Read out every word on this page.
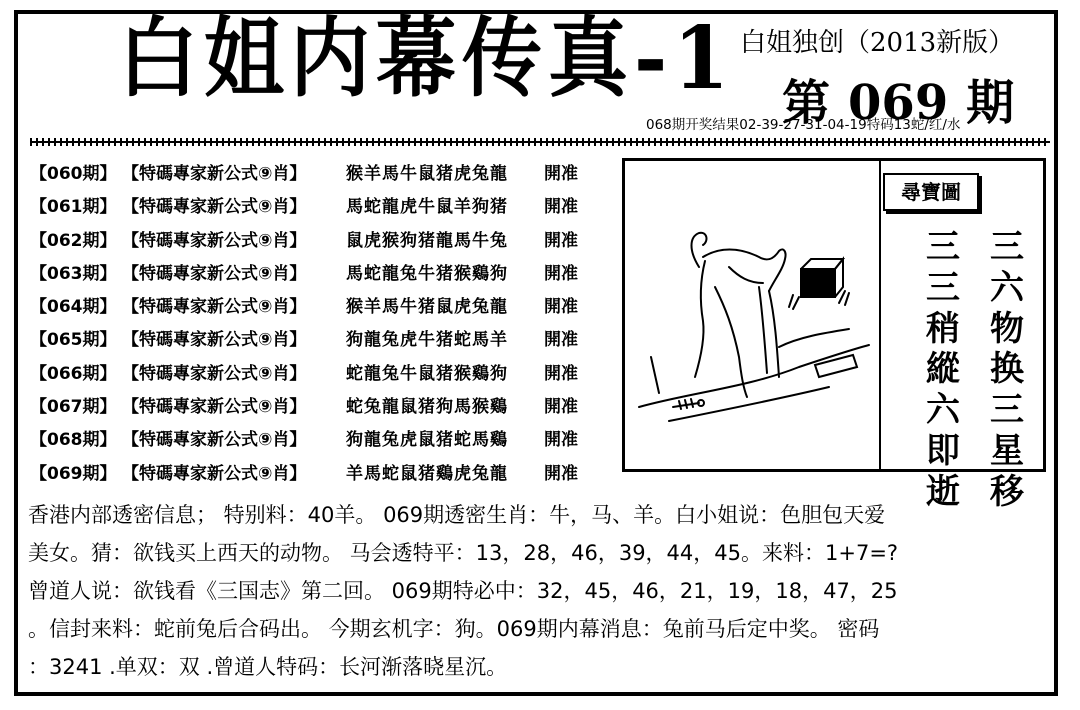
白姐内幕传真-1 白姐独创（2013新版）
第 069 期
068期开奖结果02-39-27-31-04-19特码13蛇/红/水
【060期】 【特碼專家新公式⑨肖】 猴羊馬牛鼠猪虎兔龍 開准
【061期】 【特碼專家新公式⑨肖】 馬蛇龍虎牛鼠羊狗猪 開准
【062期】 【特碼專家新公式⑨肖】 鼠虎猴狗猪龍馬牛兔 開准
【063期】 【特碼專家新公式⑨肖】 馬蛇龍兔牛猪猴鷄狗 開准
【064期】 【特碼專家新公式⑨肖】 猴羊馬牛猪鼠虎兔龍 開准
【065期】 【特碼專家新公式⑨肖】 狗龍兔虎牛猪蛇馬羊 開准
【066期】 【特碼專家新公式⑨肖】 蛇龍兔牛鼠猪猴鷄狗 開准
【067期】 【特碼專家新公式⑨肖】 蛇兔龍鼠猪狗馬猴鷄 開准
【068期】 【特碼專家新公式⑨肖】 狗龍兔虎鼠猪蛇馬鷄 開准
【069期】 【特碼專家新公式⑨肖】 羊馬蛇鼠猪鷄虎兔龍 開准
尋寶圖
三六物换三星移
三三稍縱六即逝

香港内部透密信息； 特别料：40羊。 069期透密生肖：牛，马、羊。白小姐说：色胆包天爱

美女。猜：欲钱买上西天的动物。 马会透特平：13，28，46，39，44，45。来料：1+7=?

曾道人说：欲钱看《三国志》第二回。 069期特必中：32，45，46，21，19，18，47，25

。信封来料：蛇前兔后合码出。 今期玄机字：狗。069期内幕消息：兔前马后定中奖。 密码

：3241 .单双：双 .曾道人特码：长河渐落晓星沉。
